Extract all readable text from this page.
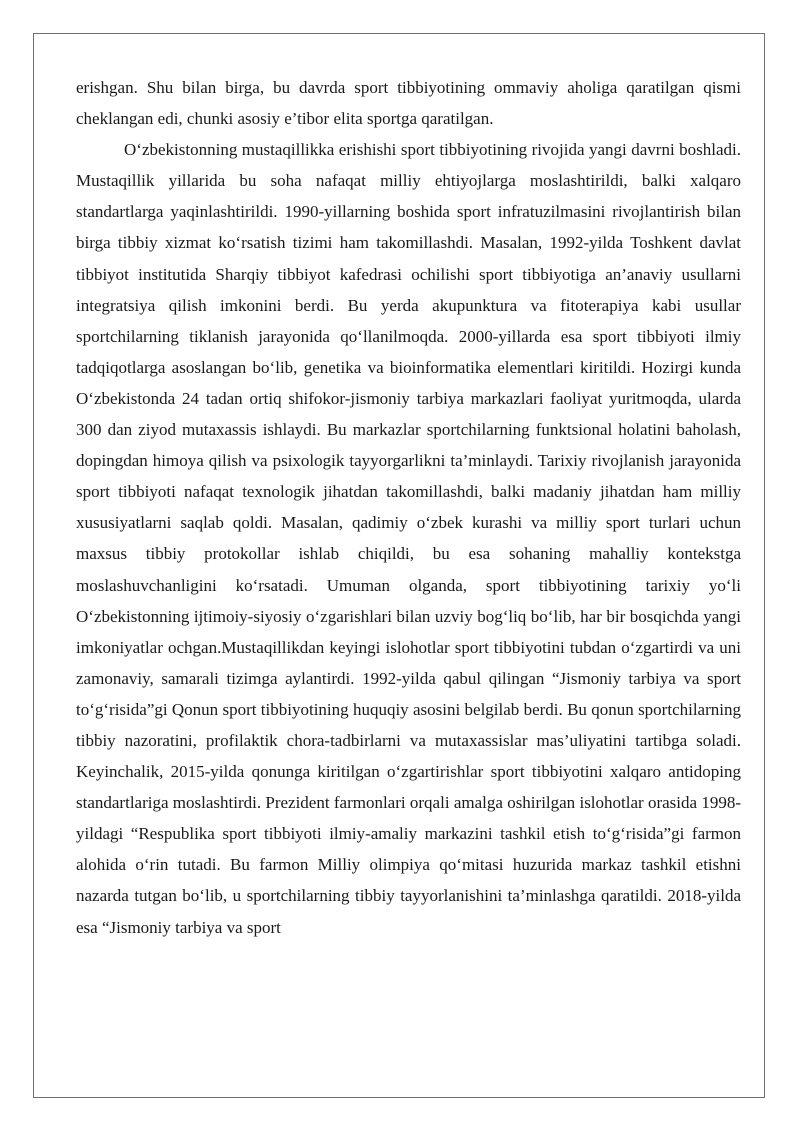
erishgan. Shu bilan birga, bu davrda sport tibbiyotining ommaviy aholiga qaratilgan qismi cheklangan edi, chunki asosiy e’tibor elita sportga qaratilgan.

O‘zbekistonning mustaqillikka erishishi sport tibbiyotining rivojida yangi davrni boshladi. Mustaqillik yillarida bu soha nafaqat milliy ehtiyojlarga moslashtirildi, balki xalqaro standartlarga yaqinlashtirildi. 1990-yillarning boshida sport infratuzilmasini rivojlantirish bilan birga tibbiy xizmat ko‘rsatish tizimi ham takomillashdi. Masalan, 1992-yilda Toshkent davlat tibbiyot institutida Sharqiy tibbiyot kafedrasi ochilishi sport tibbiyotiga an’anaviy usullarni integratsiya qilish imkonini berdi. Bu yerda akupunktura va fitoterapiya kabi usullar sportchilarning tiklanish jarayonida qo‘llanilmoqda. 2000-yillarda esa sport tibbiyoti ilmiy tadqiqotlarga asoslangan bo‘lib, genetika va bioinformatika elementlari kiritildi. Hozirgi kunda O‘zbekistonda 24 tadan ortiq shifokor-jismoniy tarbiya markazlari faoliyat yuritmoqda, ularda 300 dan ziyod mutaxassis ishlaydi. Bu markazlar sportchilarning funktsional holatini baholash, dopingdan himoya qilish va psixologik tayyorgarlikni ta’minlaydi. Tarixiy rivojlanish jarayonida sport tibbiyoti nafaqat texnologik jihatdan takomillashdi, balki madaniy jihatdan ham milliy xususiyatlarni saqlab qoldi. Masalan, qadimiy o‘zbek kurashi va milliy sport turlari uchun maxsus tibbiy protokollar ishlab chiqildi, bu esa sohaning mahalliy kontekstga moslashuvchanligini ko‘rsatadi. Umuman olganda, sport tibbiyotining tarixiy yo‘li O‘zbekistonning ijtimoiy-siyosiy o‘zgarishlari bilan uzviy bog‘liq bo‘lib, har bir bosqichda yangi imkoniyatlar ochgan.Mustaqillikdan keyingi islohotlar sport tibbiyotini tubdan o‘zgartirdi va uni zamonaviy, samarali tizimga aylantirdi. 1992-yilda qabul qilingan “Jismoniy tarbiya va sport to‘g‘risida”gi Qonun sport tibbiyotining huquqiy asosini belgilab berdi. Bu qonun sportchilarning tibbiy nazoratini, profilaktik chora-tadbirlarni va mutaxassislar mas’uliyatini tartibga soladi. Keyinchalik, 2015-yilda qonunga kiritilgan o‘zgartirishlar sport tibbiyotini xalqaro antidoping standartlariga moslashtirdi. Prezident farmonlari orqali amalga oshirilgan islohotlar orasida 1998-yildagi “Respublika sport tibbiyoti ilmiy-amaliy markazini tashkil etish to‘g‘risida”gi farmon alohida o‘rin tutadi. Bu farmon Milliy olimpiya qo‘mitasi huzurida markaz tashkil etishni nazarda tutgan bo‘lib, u sportchilarning tibbiy tayyorlanishini ta’minlashga qaratildi. 2018-yilda esa “Jismoniy tarbiya va sport
